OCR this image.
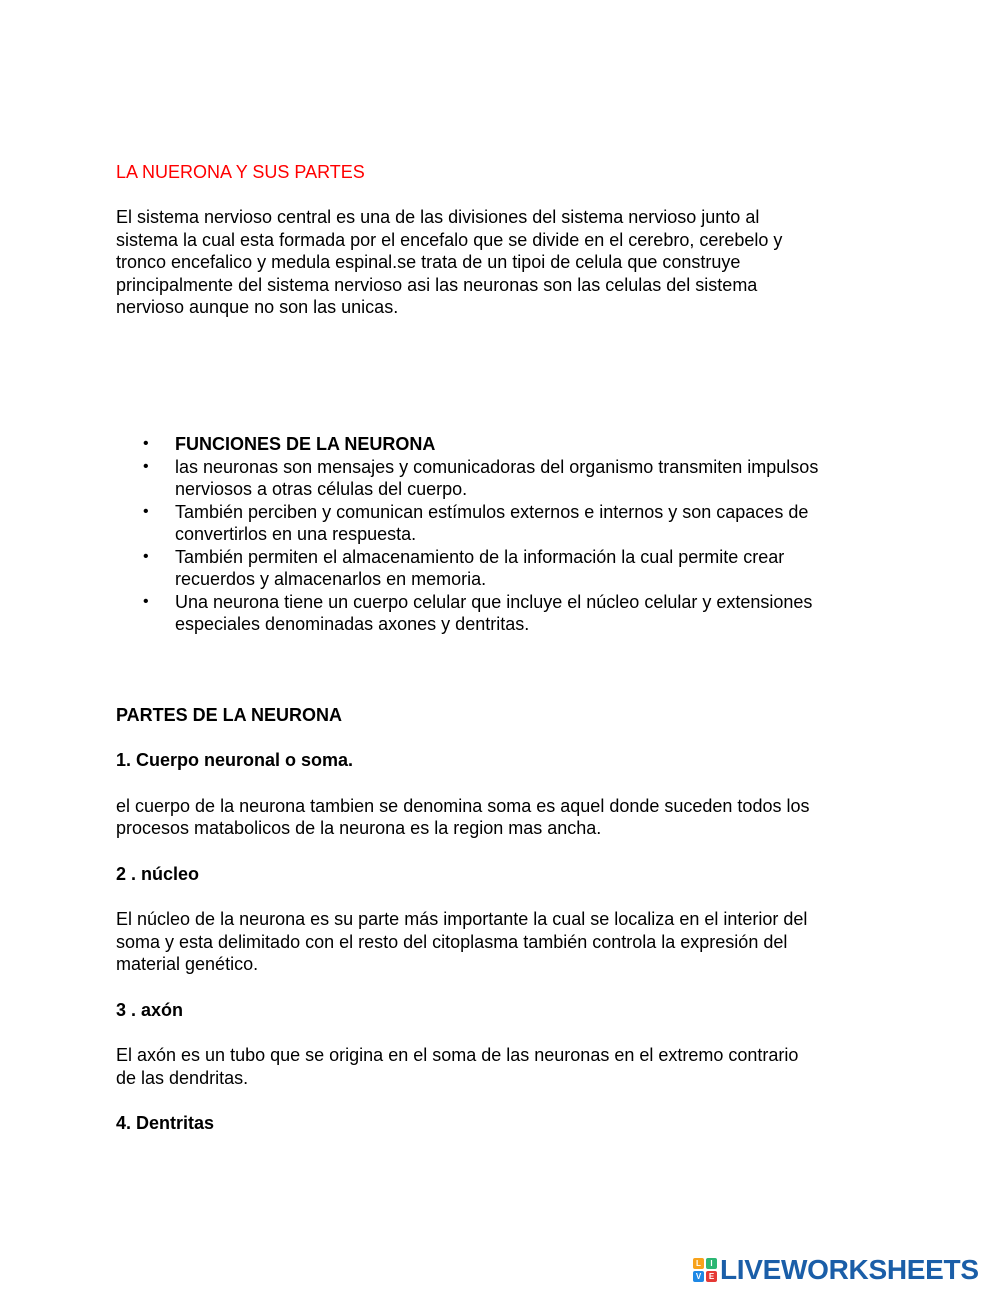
LA NUERONA Y SUS PARTES
El sistema nervioso central es una de las divisiones del sistema nervioso junto al
sistema la cual esta formada por el encefalo que se divide en el cerebro, cerebelo y
tronco encefalico y medula espinal.se trata de un tipoi de celula que construye
principalmente del sistema nervioso asi las neuronas son las celulas del sistema
nervioso aunque no son las unicas.
• FUNCIONES DE LA NEURONA
• las neuronas son mensajes y comunicadoras del organismo transmiten impulsos
nerviosos a otras células del cuerpo.
• También perciben y comunican estímulos externos e internos y son capaces de
convertirlos en una respuesta.
• También permiten el almacenamiento de la información la cual permite crear
recuerdos y almacenarlos en memoria.
• Una neurona tiene un cuerpo celular que incluye el núcleo celular y extensiones
especiales denominadas axones y dentritas.
PARTES DE LA NEURONA
1. Cuerpo neuronal o soma.
el cuerpo de la neurona tambien se denomina soma es aquel donde suceden todos los
procesos matabolicos de la neurona es la region mas ancha.
2 . núcleo
El núcleo de la neurona es su parte más importante la cual se localiza en el interior del
soma y esta delimitado con el resto del citoplasma también controla la expresión del
material genético.
3 . axón
El axón es un tubo que se origina en el soma de las neuronas en el extremo contrario
de las dendritas.
4. Dentritas
L	I
V E LIVEWORKSHEETS
